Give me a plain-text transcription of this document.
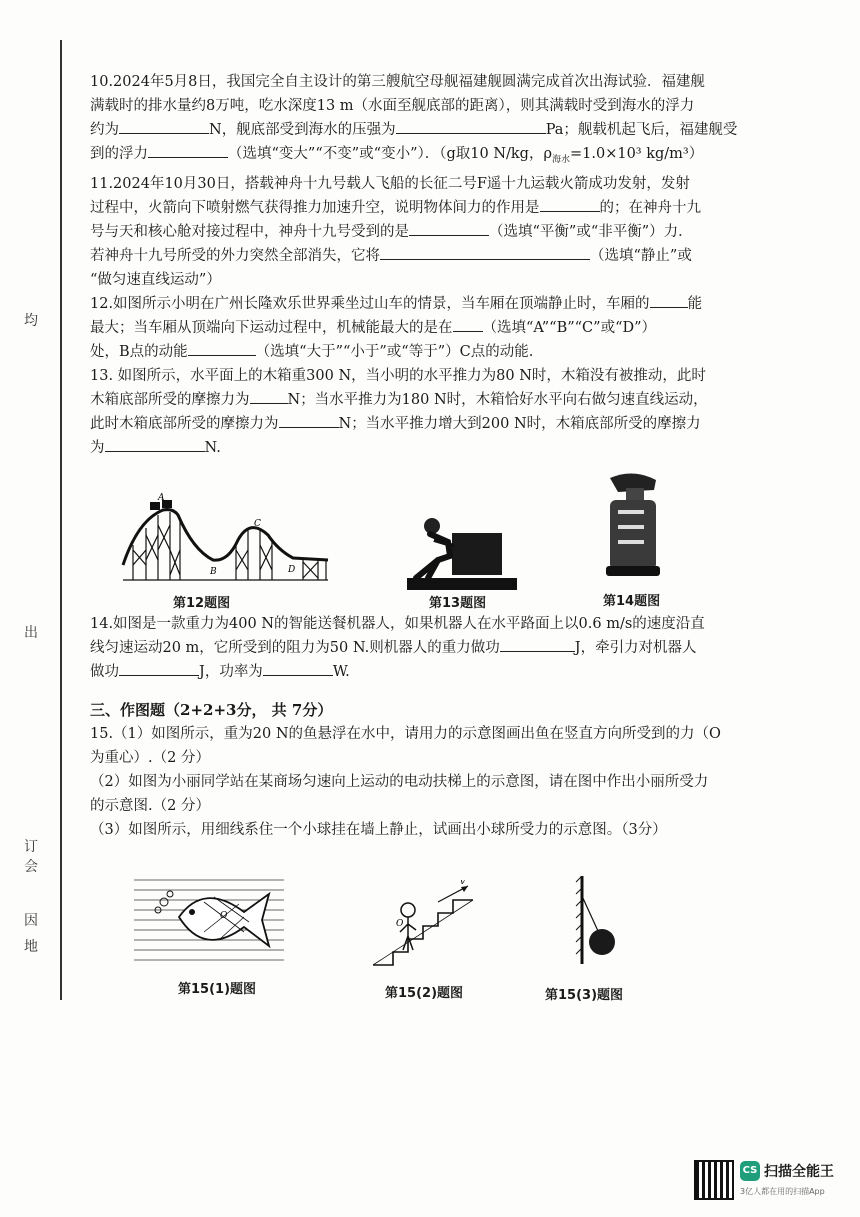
均
出
订
会
因
地

10.2024年5月8日，我国完全自主设计的第三艘航空母舰福建舰圆满完成首次出海试验．福建舰

满载时的排水量约8万吨，吃水深度13 m（水面至舰底部的距离），则其满载时受到海水的浮力

约为	N，舰底部受到海水的压强为	Pa；舰载机起飞后，福建舰受

到的浮力	（选填“变大”“不变”或“变小”）．（g取10 N/kg，$\rho_{海水}=1.0\times 10^3$ kg/m³）

11.2024年10月30日，搭载神舟十九号载人飞船的长征二号F遥十九运载火箭成功发射，发射

过程中，火箭向下喷射燃气获得推力加速升空，说明物体间力的作用是	的；在神舟十九

号与天和核心舱对接过程中，神舟十九号受到的是	（选填“平衡”或“非平衡”）力．

若神舟十九号所受的外力突然全部消失，它将	（选填“静止”或

“做匀速直线运动”）

12.如图所示小明在广州长隆欢乐世界乘坐过山车的情景，当车厢在顶端静止时，车厢的	能

最大；当车厢从顶端向下运动过程中，机械能最大的是在 （选填“A”“B”“C”或“D”）

处，B点的动能	（选填“大于”“小于”或“等于”）C点的动能.

13. 如图所示，水平面上的木箱重300 N，当小明的水平推力为80 N时，木箱没有被推动，此时

木箱底部所受的摩擦力为	N；当水平推力为180 N时，木箱恰好水平向右做匀速直线运动，

此时木箱底部所受的摩擦力为	N；当水平推力增大到200 N时，木箱底部所受的摩擦力

为	N.

A
B
C
D
第12题图	第13题图	第14题图

14.如图是一款重力为400 N的智能送餐机器人，如果机器人在水平路面上以0.6 m/s的速度沿直

线匀速运动20 m，它所受到的阻力为50 N.则机器人的重力做功	J，牵引力对机器人

做功	J，功率为	W.

三、作图题（2+2+3分， 共 7分）

15.（1）如图所示，重为20 N的鱼悬浮在水中，请用力的示意图画出鱼在竖直方向所受到的力（O

为重心）.（2 分）

（2）如图为小丽同学站在某商场匀速向上运动的电动扶梯上的示意图，请在图中作出小丽所受力

的示意图.（2 分）

（3）如图所示，用细线系住一个小球挂在墙上静止，试画出小球所受力的示意图。（3分）

O
v
O
第15(1)题图	第15(2)题图	第15(3)题图
CS 扫描全能王
3亿人都在用的扫描App
